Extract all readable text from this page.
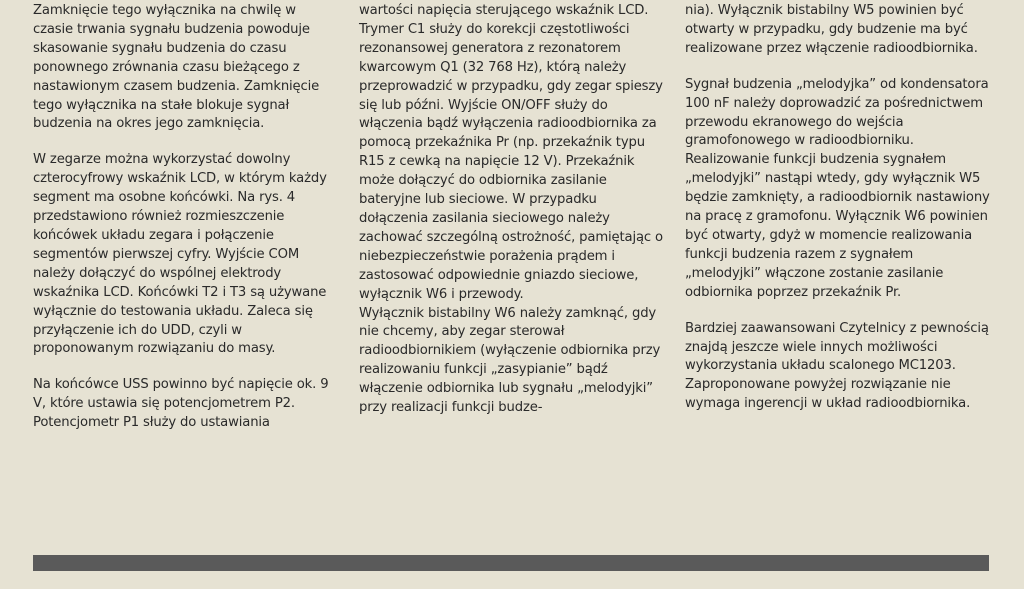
Zamknięcie tego wyłącznika na chwilę w czasie trwania sygnału budzenia powoduje skasowanie sygnału budzenia do czasu ponownego zrównania czasu bieżącego z nastawionym czasem budzenia. Zamknięcie tego wyłącznika na stałe blokuje sygnał budzenia na okres jego zamknięcia.

W zegarze można wykorzystać dowolny czterocyfrowy wskaźnik LCD, w którym każdy segment ma osobne końcówki. Na rys. 4 przedstawiono również rozmieszczenie końcówek układu zegara i połączenie segmentów pierwszej cyfry. Wyjście COM należy dołączyć do wspólnej elektrody wskaźnika LCD. Końcówki T2 i T3 są używane wyłącznie do testowania układu. Zaleca się przyłączenie ich do UDD, czyli w proponowanym rozwiązaniu do masy.

Na końcówce USS powinno być napięcie ok. 9 V, które ustawia się potencjometrem P2. Potencjometr P1 służy do ustawiania

wartości napięcia sterującego wskaźnik LCD.

Trymer C1 służy do korekcji częstotliwości rezonansowej generatora z rezonatorem kwarcowym Q1 (32 768 Hz), którą należy przeprowadzić w przypadku, gdy zegar spieszy się lub późni. Wyjście ON/OFF służy do włączenia bądź wyłączenia radioodbiornika za pomocą przekaźnika Pr (np. przekaźnik typu R15 z cewką na napięcie 12 V). Przekaźnik może dołączyć do odbiornika zasilanie bateryjne lub sieciowe. W przypadku dołączenia zasilania sieciowego należy zachować szczególną ostrożność, pamiętając o niebezpieczeństwie porażenia prądem i zastosować odpowiednie gniazdo sieciowe, wyłącznik W6 i przewody.

Wyłącznik bistabilny W6 należy zamknąć, gdy nie chcemy, aby zegar sterował radioodbiornikiem (wyłączenie odbiornika przy realizowaniu funkcji „zasypianie” bądź włączenie odbiornika lub sygnału „melodyjki” przy realizacji funkcji budze-

nia). Wyłącznik bistabilny W5 powinien być otwarty w przypadku, gdy budzenie ma być realizowane przez włączenie radioodbiornika.

Sygnał budzenia „melodyjka” od kondensatora 100 nF należy doprowadzić za pośrednictwem przewodu ekranowego do wejścia gramofonowego w radioodbiorniku. Realizowanie funkcji budzenia sygnałem „melodyjki” nastąpi wtedy, gdy wyłącznik W5 będzie zamknięty, a radioodbiornik nastawiony na pracę z gramofonu. Wyłącznik W6 powinien być otwarty, gdyż w momencie realizowania funkcji budzenia razem z sygnałem „melodyjki” włączone zostanie zasilanie odbiornika poprzez przekaźnik Pr.

Bardziej zaawansowani Czytelnicy z pewnością znajdą jeszcze wiele innych możliwości wykorzystania układu scalonego MC1203. Zaproponowane powyżej rozwiązanie nie wymaga ingerencji w układ radioodbiornika.
